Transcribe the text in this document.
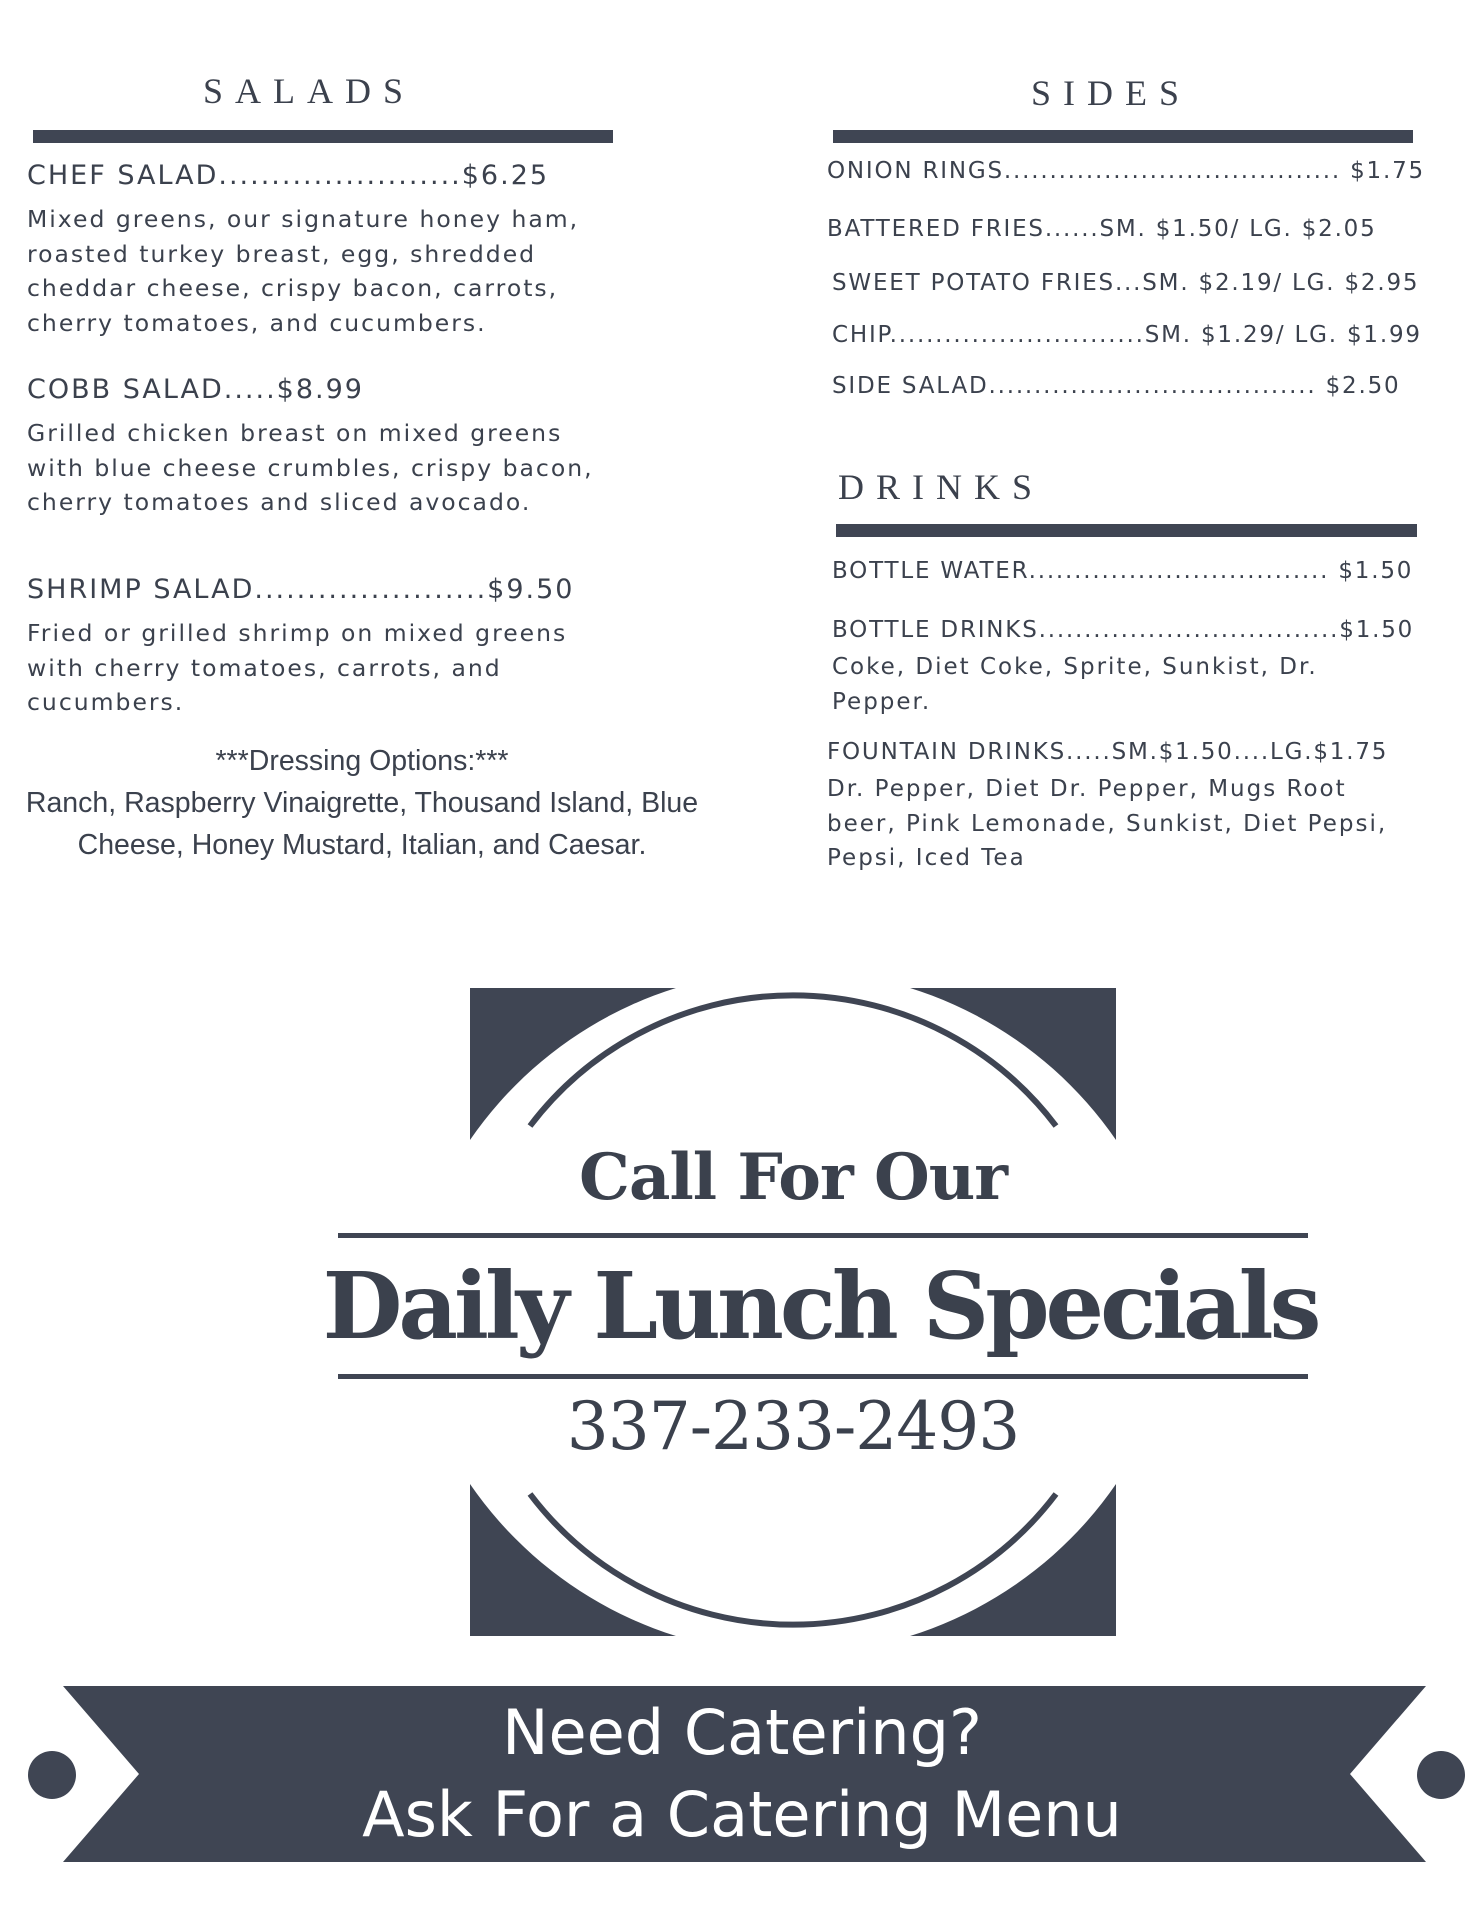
SALADS
CHEF SALAD.......................$6.25
Mixed greens, our signature honey ham, roasted turkey breast, egg, shredded cheddar cheese, crispy bacon, carrots, cherry tomatoes, and cucumbers.
COBB SALAD.....$8.99
Grilled chicken breast on mixed greens with blue cheese crumbles, crispy bacon, cherry tomatoes and sliced avocado.
SHRIMP SALAD......................$9.50
Fried or grilled shrimp on mixed greens with cherry tomatoes, carrots, and cucumbers.
***Dressing Options:***
Ranch, Raspberry Vinaigrette, Thousand Island, Blue Cheese, Honey Mustard, Italian, and Caesar.
SIDES
ONION RINGS..................................... $1.75
BATTERED FRIES......SM. $1.50/ LG. $2.05
SWEET POTATO FRIES...SM. $2.19/ LG. $2.95
CHIP............................SM. $1.29/ LG. $1.99
SIDE SALAD.................................... $2.50
DRINKS
BOTTLE WATER................................. $1.50
BOTTLE DRINKS.................................$1.50
Coke, Diet Coke, Sprite, Sunkist, Dr. Pepper.
FOUNTAIN DRINKS.....SM.$1.50....LG.$1.75
Dr. Pepper, Diet Dr. Pepper, Mugs Root beer, Pink Lemonade, Sunkist, Diet Pepsi, Pepsi, Iced Tea
Call For Our
Daily Lunch Specials
337-233-2493
Need Catering?
Ask For a Catering Menu
